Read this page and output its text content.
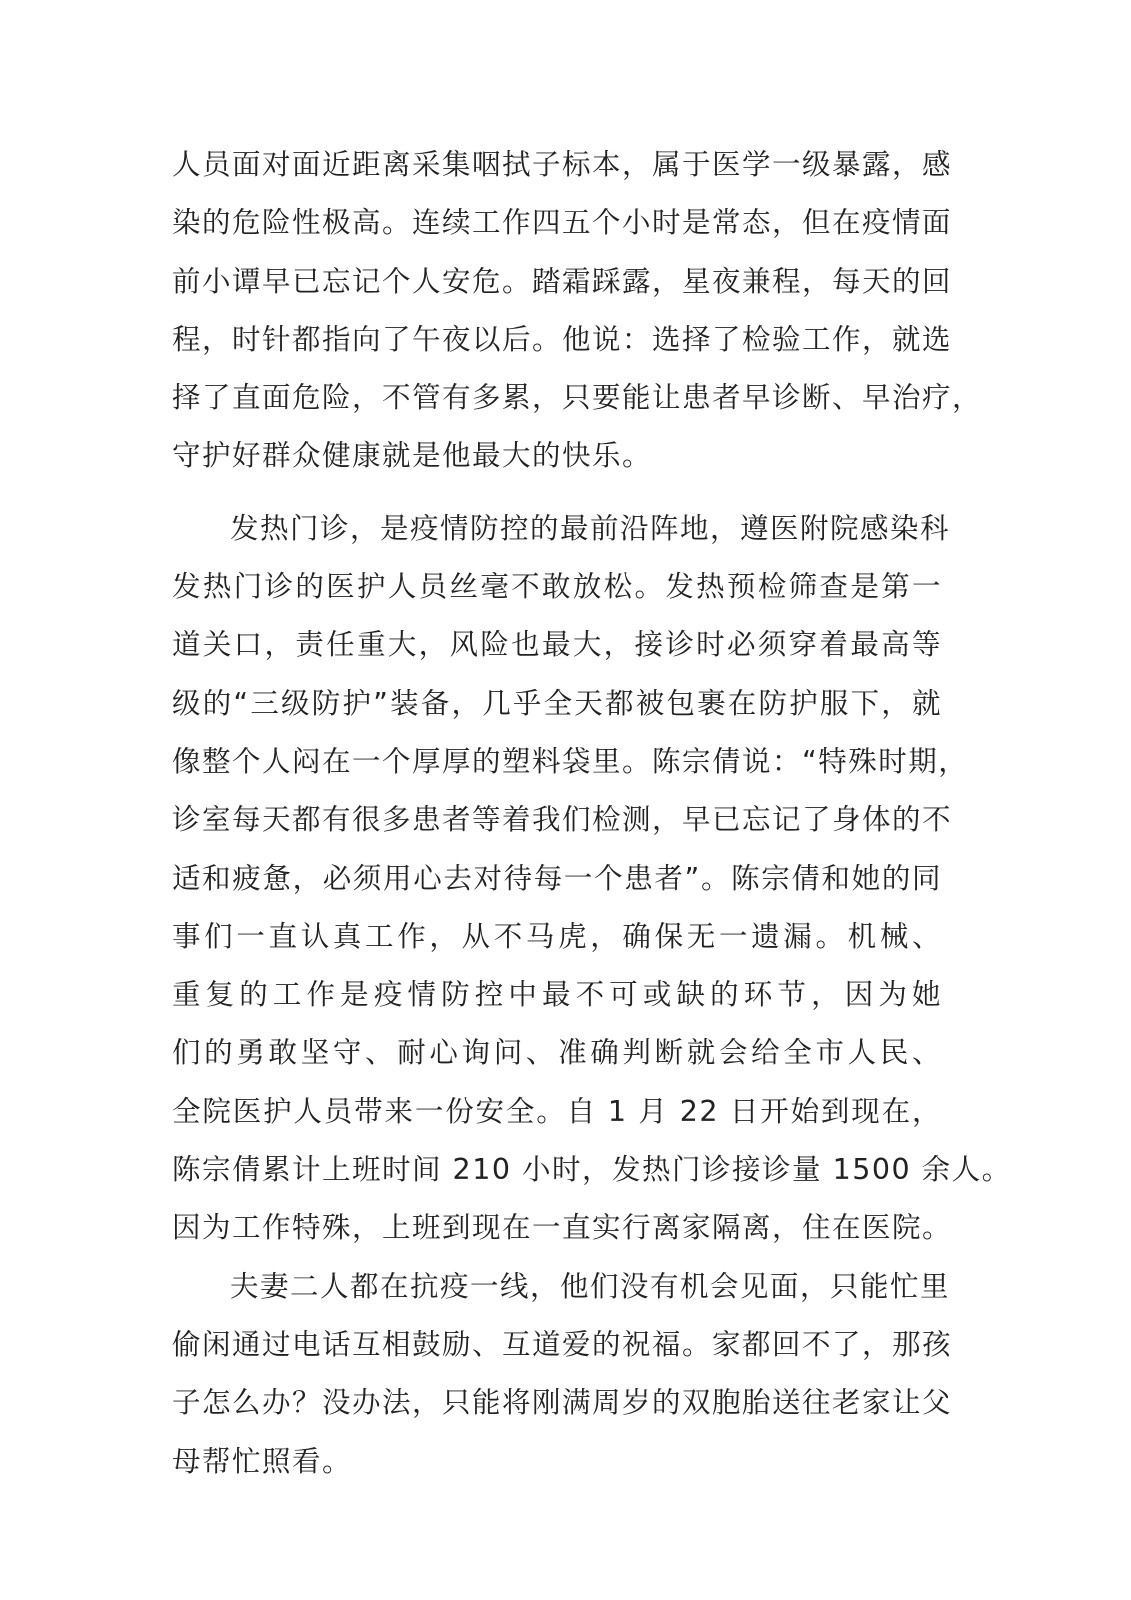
人员面对面近距离采集咽拭子标本，属于医学一级暴露，感
染的危险性极高。连续工作四五个小时是常态，但在疫情面
前小谭早已忘记个人安危。踏霜踩露，星夜兼程，每天的回
程，时针都指向了午夜以后。他说：选择了检验工作，就选
择了直面危险，不管有多累，只要能让患者早诊断、早治疗，
守护好群众健康就是他最大的快乐。
发热门诊，是疫情防控的最前沿阵地，遵医附院感染科
发热门诊的医护人员丝毫不敢放松。发热预检筛查是第一
道关口，责任重大，风险也最大，接诊时必须穿着最高等
级的“三级防护”装备，几乎全天都被包裹在防护服下，就
像整个人闷在一个厚厚的塑料袋里。陈宗倩说：“特殊时期，
诊室每天都有很多患者等着我们检测，早已忘记了身体的不
适和疲惫，必须用心去对待每一个患者”。陈宗倩和她的同
事们一直认真工作，从不马虎，确保无一遗漏。机械、
重复的工作是疫情防控中最不可或缺的环节，因为她
们的勇敢坚守、耐心询问、准确判断就会给全市人民、
全院医护人员带来一份安全。自 1 月 22 日开始到现在，
陈宗倩累计上班时间 210 小时，发热门诊接诊量 1500 余人。
因为工作特殊，上班到现在一直实行离家隔离，住在医院。
夫妻二人都在抗疫一线，他们没有机会见面，只能忙里
偷闲通过电话互相鼓励、互道爱的祝福。家都回不了，那孩
子怎么办？没办法，只能将刚满周岁的双胞胎送往老家让父
母帮忙照看。
